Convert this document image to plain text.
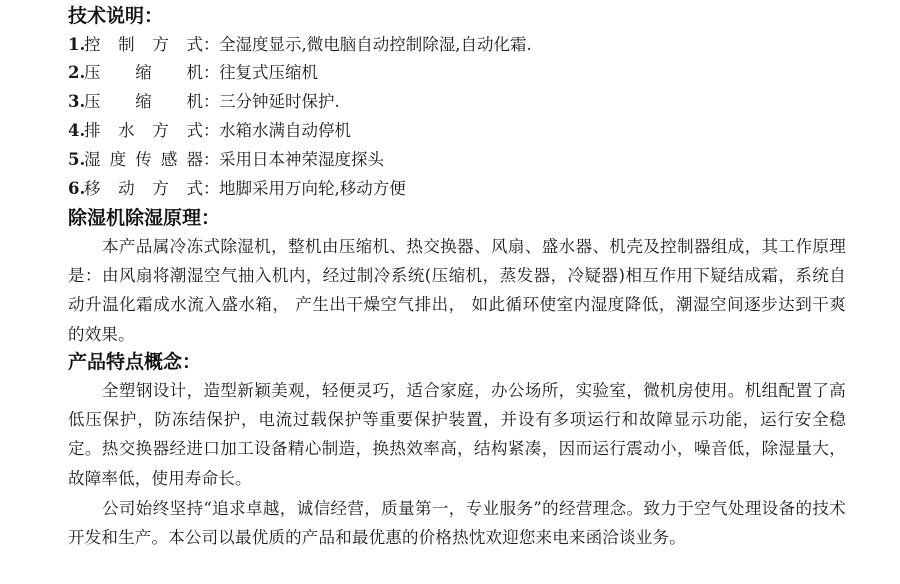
技术说明：
1.
控制方式 ： 全湿度显示,微电脑自动控制除湿,自动化霜.
2.
压缩机 ： 往复式压缩机
3.
压缩机 ： 三分钟延时保护.
4.
排水方式 ： 水箱水满自动停机
5.
湿度传感器 ： 采用日本神荣湿度探头
6.
移动方式 ： 地脚采用万向轮,移动方便
除湿机除湿原理：

本产品属冷冻式除湿机，整机由压缩机、热交换器、风扇、盛水器、机壳及控制器组成，其工作原理是：由风扇将潮湿空气抽入机内，经过制冷系统(压缩机，蒸发器，冷疑器)相互作用下疑结成霜，系统自动升温化霜成水流入盛水箱， 产生出干燥空气排出， 如此循环使室内湿度降低，潮湿空间逐步达到干爽的效果。

产品特点概念：

全塑钢设计，造型新颖美观，轻便灵巧，适合家庭，办公场所，实验室，微机房使用。机组配置了高低压保护，防冻结保护，电流过载保护等重要保护装置，并设有多项运行和故障显示功能，运行安全稳定。热交换器经进口加工设备精心制造，换热效率高，结构紧凑，因而运行震动小，噪音低，除湿量大，故障率低，使用寿命长。

公司始终坚持“追求卓越，诚信经营，质量第一，专业服务”的经营理念。致力于空气处理设备的技术开发和生产。本公司以最优质的产品和最优惠的价格热忱欢迎您来电来函洽谈业务。
